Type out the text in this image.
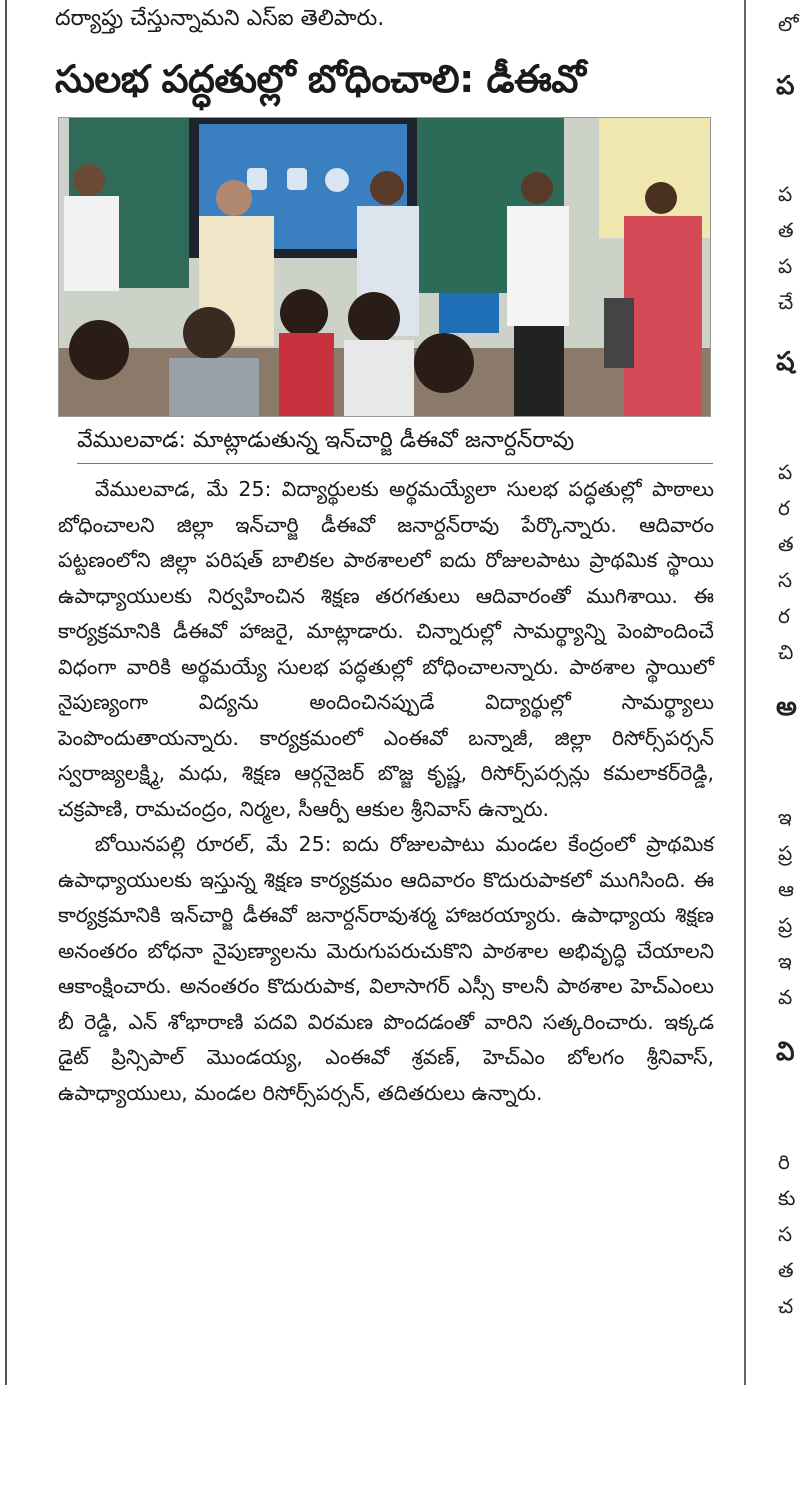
దర్యాప్తు చేస్తున్నామని ఎస్ఐ తెలిపారు.
సులభ పద్ధతుల్లో బోధించాలి: డీఈవో
వేములవాడ: మాట్లాడుతున్న ఇన్‌చార్జి డీఈవో జనార్దన్‌రావు

వేములవాడ, మే 25: విద్యార్థులకు అర్థమయ్యేలా సులభ పద్ధతుల్లో పాఠాలు బోధించాలని జిల్లా ఇన్‌చార్జి డీఈవో జనార్దన్‌రావు పేర్కొన్నారు. ఆదివారం పట్టణంలోని జిల్లా పరిషత్ బాలికల పాఠశాలలో ఐదు రోజులపాటు ప్రాథమిక స్థాయి ఉపాధ్యాయులకు నిర్వహించిన శిక్షణ తరగతులు ఆదివారంతో ముగిశాయి. ఈ కార్యక్రమానికి డీఈవో హాజరై, మాట్లాడారు. చిన్నారుల్లో సామర్థ్యాన్ని పెంపొందించే విధంగా వారికి అర్థమయ్యే సులభ పద్ధతుల్లో బోధించాలన్నారు. పాఠశాల స్థాయిలో నైపుణ్యంగా విద్యను అందించినప్పుడే విద్యార్థుల్లో సామర్థ్యాలు పెంపొందుతాయన్నారు. కార్యక్రమంలో ఎంఈవో బన్నాజీ, జిల్లా రిసోర్స్‌పర్సన్ స్వరాజ్యలక్ష్మి, మధు, శిక్షణ ఆర్గనైజర్ బొజ్జ కృష్ణ, రిసోర్స్‌పర్సన్లు కమలాకర్‌రెడ్డి, చక్రపాణి, రామచంద్రం, నిర్మల, సీఆర్పీ ఆకుల శ్రీనివాస్ ఉన్నారు.

బోయినపల్లి రూరల్, మే 25: ఐదు రోజులపాటు మండల కేంద్రంలో ప్రాథమిక ఉపాధ్యాయులకు ఇస్తున్న శిక్షణ కార్యక్రమం ఆదివారం కొదురుపాకలో ముగిసింది. ఈ కార్యక్రమానికి ఇన్‌చార్జి డీఈవో జనార్దన్‌రావుశర్మ హాజరయ్యారు. ఉపాధ్యాయ శిక్షణ అనంతరం బోధనా నైపుణ్యాలను మెరుగుపరుచుకొని పాఠశాల అభివృద్ధి చేయాలని ఆకాంక్షించారు. అనంతరం కొదురుపాక, విలాసాగర్ ఎస్సీ కాలనీ పాఠశాల హెచ్‌ఎంలు బీ రెడ్డి, ఎన్ శోభారాణి పదవి విరమణ పొందడంతో వారిని సత్కరించారు. ఇక్కడ డైట్ ప్రిన్సిపాల్ మొండయ్య, ఎంఈవో శ్రవణ్, హెచ్ఎం బోలగం శ్రీనివాస్, ఉపాధ్యాయులు, మండల రిసోర్స్‌పర్సన్, తదితరులు ఉన్నారు.

లో
ప
ప
త
ప
చే
ష
ప
ర
త
స
ర
చి
అ
ఇ
ప్ర
ఆ
ప్ర
ఇ
వ
వి
రి
కు
స
త
చ
